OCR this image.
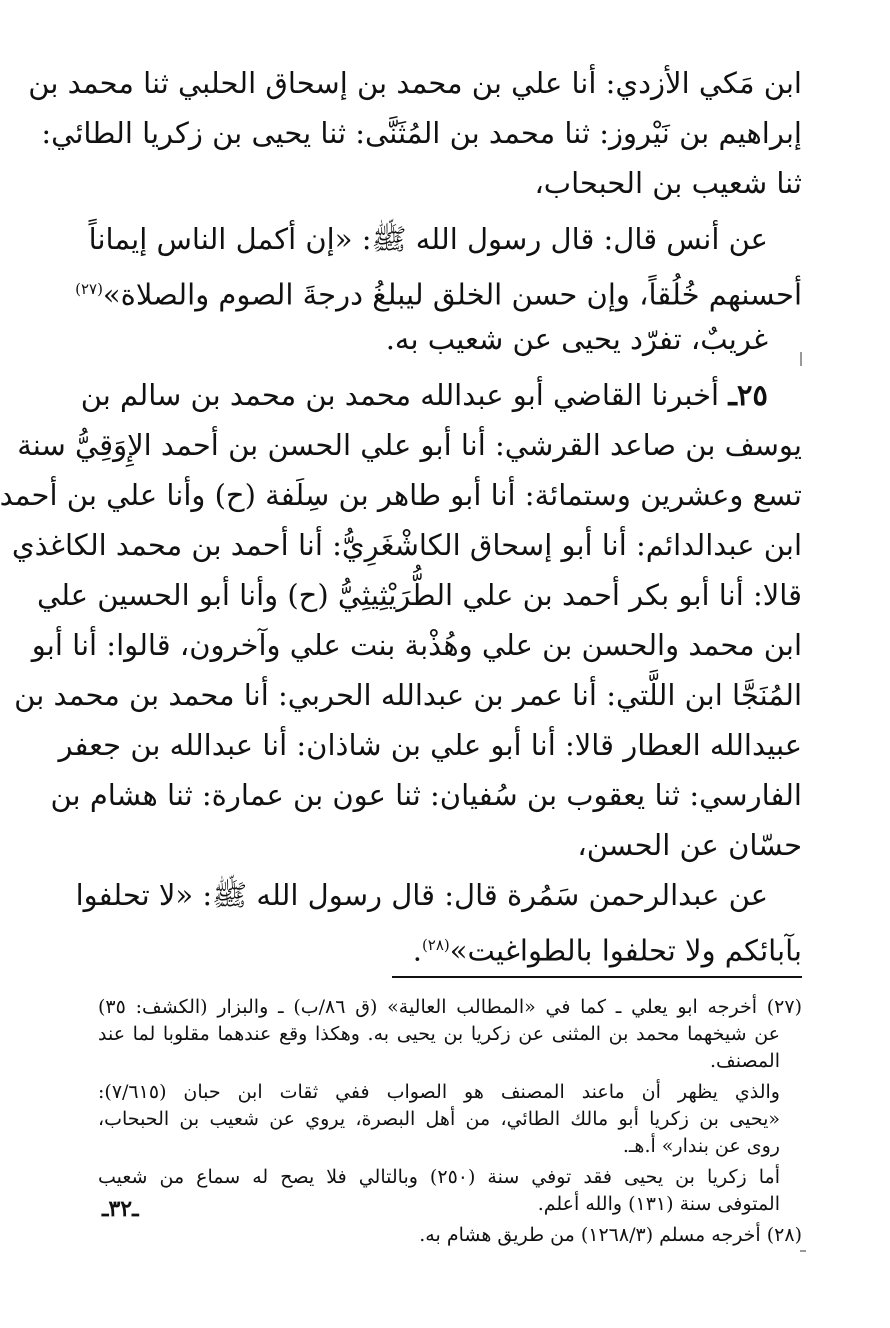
ابن مَكي الأزدي: أنا علي بن محمد بن إسحاق الحلبي ثنا محمد بن
إبراهيم بن نَيْروز: ثنا محمد بن المُثَنَّى: ثنا يحيى بن زكريا الطائي:
ثنا شعيب بن الحبحاب،
عن أنس قال: قال رسول الله ﷺ: «إن أكمل الناس إيماناً
أحسنهم خُلُقاً، وإن حسن الخلق ليبلغُ درجةَ الصوم والصلاة»$^{(٢٧)}$
غريبٌ، تفرّد يحيى عن شعيب به.
٢٥ـ أخبرنا القاضي أبو عبدالله محمد بن محمد بن سالم بن
يوسف بن صاعد القرشي: أنا أبو علي الحسن بن أحمد الإِوَقِيُّ سنة
تسع وعشرين وستمائة: أنا أبو طاهر بن سِلَفة (ح) وأنا علي بن أحمد
ابن عبدالدائم: أنا أبو إسحاق الكاشْغَرِيُّ: أنا أحمد بن محمد الكاغذي
قالا: أنا أبو بكر أحمد بن علي الطُّرَيْثِيثِيُّ (ح) وأنا أبو الحسين علي
ابن محمد والحسن بن علي وهُذْبة بنت علي وآخرون، قالوا: أنا أبو
المُنَجَّا ابن اللَّتي: أنا عمر بن عبدالله الحربي: أنا محمد بن محمد بن
عبيدالله العطار قالا: أنا أبو علي بن شاذان: أنا عبدالله بن جعفر
الفارسي: ثنا يعقوب بن سُفيان: ثنا عون بن عمارة: ثنا هشام بن
حسّان عن الحسن،
عن عبدالرحمن سَمُرة قال: قال رسول الله ﷺ: «لا تحلفوا
بآبائكم ولا تحلفوا بالطواغيت»$^{(٢٨)}$.
(٢٧) أخرجه ابو يعلي ـ كما في «المطالب العالية» (ق ٨٦/ب) ـ والبزار (الكشف: ٣٥)
عن شيخهما محمد بن المثنى عن زكريا بن يحيى به. وهكذا وقع عندهما مقلوبا لما عند
المصنف.
والذي يظهر أن ماعند المصنف هو الصواب ففي ثقات ابن حبان (٧/٦١٥):
«يحيى بن زكريا أبو مالك الطائي، من أهل البصرة، يروي عن شعيب بن الحبحاب،
روى عن بندار» أ.هـ.
أما زكريا بن يحيى فقد توفي سنة (٢٥٠) وبالتالي فلا يصح له سماع من شعيب
المتوفى سنة (١٣١) والله أعلم.
(٢٨) أخرجه مسلم (١٢٦٨/٣) من طريق هشام به.
ـ٣٢ـ
